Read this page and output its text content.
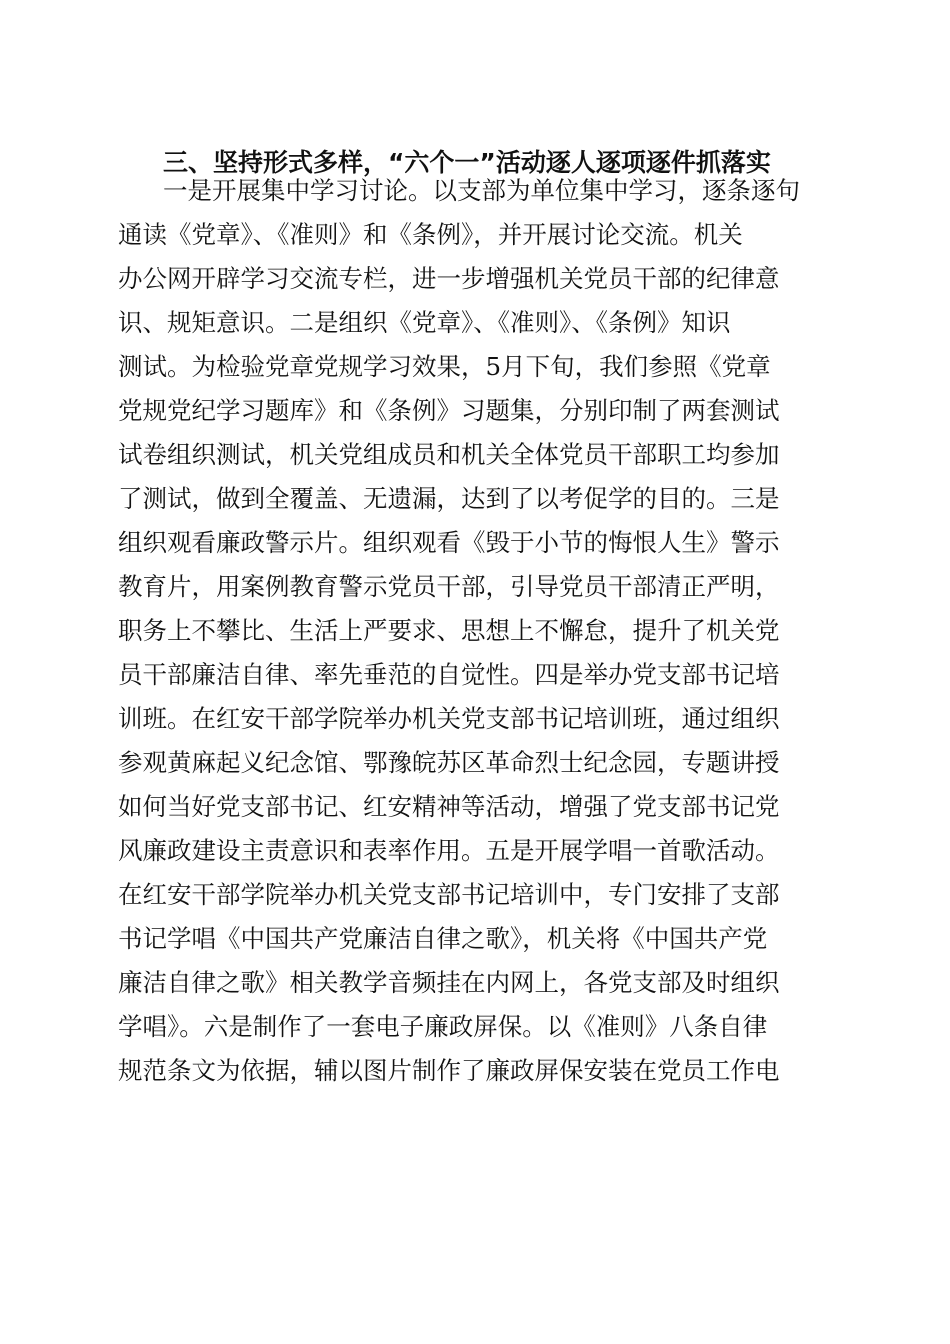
三、坚持形式多样，“六个一”活动逐人逐项逐件抓落实
一是开展集中学习讨论。以支部为单位集中学习，逐条逐句
通读《党章》、《准则》和《条例》，并开展讨论交流。机关
办公网开辟学习交流专栏，进一步增强机关党员干部的纪律意
识、规矩意识。二是组织《党章》、《准则》、《条例》知识
测试。为检验党章党规学习效果，5月下旬，我们参照《党章
党规党纪学习题库》和《条例》习题集，分别印制了两套测试
试卷组织测试，机关党组成员和机关全体党员干部职工均参加
了测试，做到全覆盖、无遗漏，达到了以考促学的目的。三是
组织观看廉政警示片。组织观看《毁于小节的悔恨人生》警示
教育片，用案例教育警示党员干部，引导党员干部清正严明，
职务上不攀比、生活上严要求、思想上不懈怠，提升了机关党
员干部廉洁自律、率先垂范的自觉性。四是举办党支部书记培
训班。在红安干部学院举办机关党支部书记培训班，通过组织
参观黄麻起义纪念馆、鄂豫皖苏区革命烈士纪念园，专题讲授
如何当好党支部书记、红安精神等活动，增强了党支部书记党
风廉政建设主责意识和表率作用。五是开展学唱一首歌活动。
在红安干部学院举办机关党支部书记培训中，专门安排了支部
书记学唱《中国共产党廉洁自律之歌》，机关将《中国共产党
廉洁自律之歌》相关教学音频挂在内网上，各党支部及时组织
学唱》。六是制作了一套电子廉政屏保。以《准则》八条自律
规范条文为依据，辅以图片制作了廉政屏保安装在党员工作电
